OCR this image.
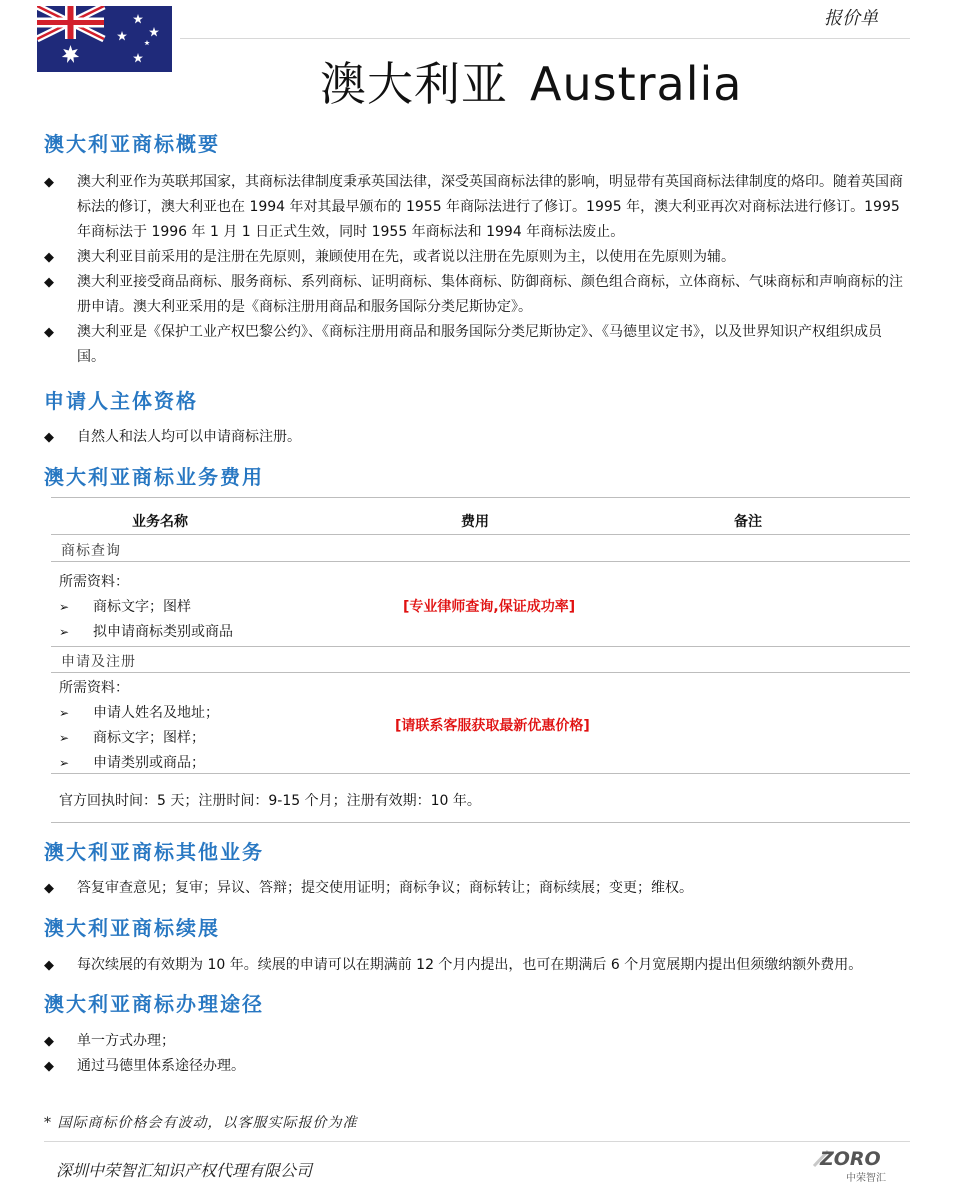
报价单
澳大利亚 Australia
澳大利亚商标概要
◆ 澳大利亚作为英联邦国家，其商标法律制度秉承英国法律，深受英国商标法律的影响，明显带有英国商标法律制度的烙印。随着英国商标法的修订，澳大利亚也在 1994 年对其最早颁布的 1955 年商际法进行了修订。1995 年，澳大利亚再次对商标法进行修订。1995 年商标法于 1996 年 1 月 1 日正式生效，同时 1955 年商标法和 1994 年商标法废止。
◆ 澳大利亚目前采用的是注册在先原则，兼顾使用在先，或者说以注册在先原则为主，以使用在先原则为辅。
◆ 澳大利亚接受商品商标、服务商标、系列商标、证明商标、集体商标、防御商标、颜色组合商标，立体商标、气味商标和声响商标的注册申请。澳大利亚采用的是《商标注册用商品和服务国际分类尼斯协定》。
◆ 澳大利亚是《保护工业产权巴黎公约》、《商标注册用商品和服务国际分类尼斯协定》、《马德里议定书》，以及世界知识产权组织成员国。
申请人主体资格
◆ 自然人和法人均可以申请商标注册。
澳大利亚商标业务费用
业务名称	费用	备注
商标查询
所需资料：
➢ 商标文字；图样
➢ 拟申请商标类别或商品
[专业律师查询,保证成功率]
申请及注册
所需资料：
➢ 申请人姓名及地址；
➢ 商标文字；图样；
➢ 申请类别或商品；
[请联系客服获取最新优惠价格]
官方回执时间：5 天；注册时间：9-15 个月；注册有效期：10 年。
澳大利亚商标其他业务
◆ 答复审查意见；复审；异议、答辩；提交使用证明；商标争议；商标转让；商标续展；变更；维权。
澳大利亚商标续展
◆ 每次续展的有效期为 10 年。续展的申请可以在期满前 12 个月内提出，也可在期满后 6 个月宽展期内提出但须缴纳额外费用。
澳大利亚商标办理途径
◆ 单一方式办理；
◆ 通过马德里体系途径办理。
* 国际商标价格会有波动，以客服实际报价为准
深圳中荣智汇知识产权代理有限公司
ZORO
中荣智汇
